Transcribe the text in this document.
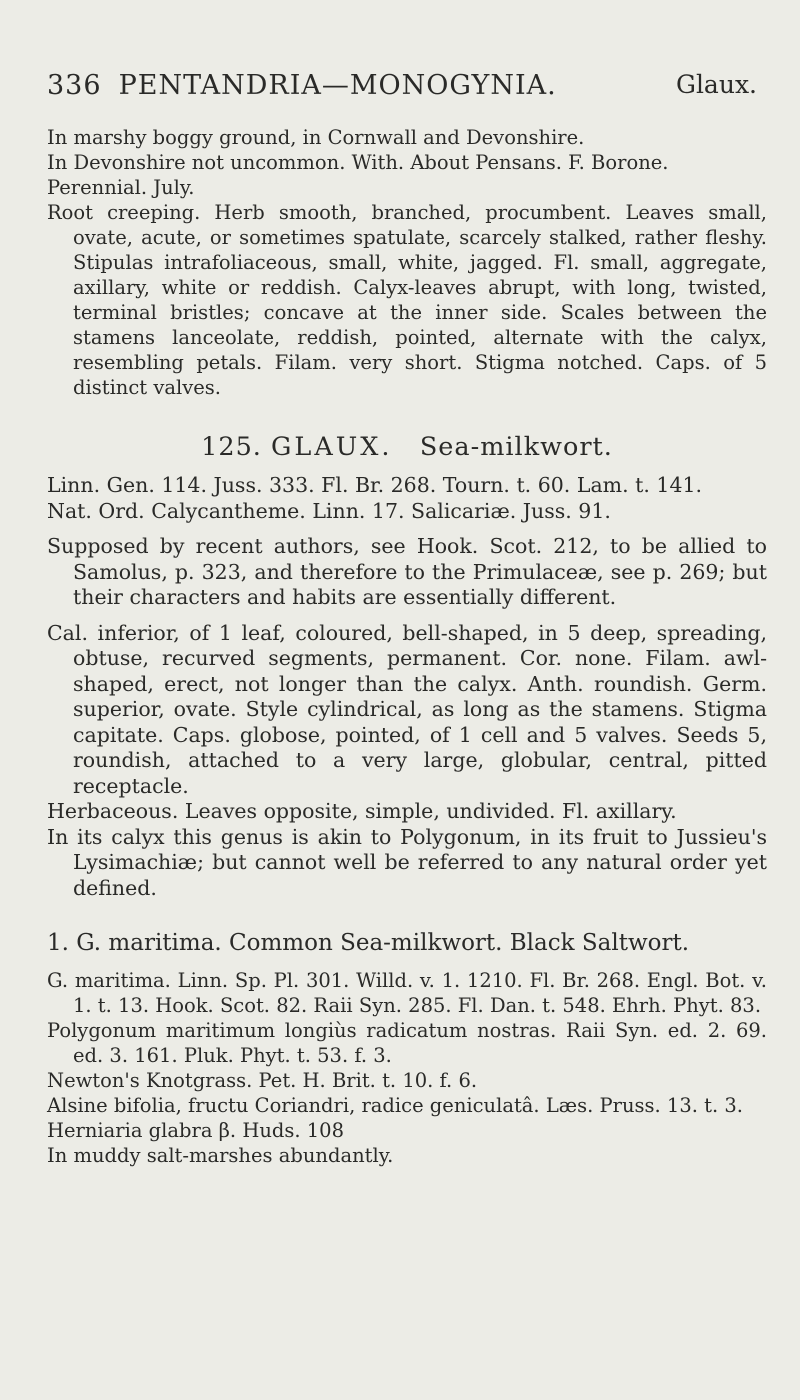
336 PENTANDRIA—MONOGYNIA.	Glaux.

In marshy boggy ground, in Cornwall and Devonshire.

In Devonshire not uncommon. With. About Pensans. F. Borone.

Perennial. July.

Root creeping. Herb smooth, branched, procumbent. Leaves small, ovate, acute, or sometimes spatulate, scarcely stalked, rather fleshy. Stipulas intrafoliaceous, small, white, jagged. Fl. small, aggregate, axillary, white or reddish. Calyx-leaves abrupt, with long, twisted, terminal bristles; concave at the inner side. Scales between the stamens lanceolate, reddish, pointed, alternate with the calyx, resembling petals. Filam. very short. Stigma notched. Caps. of 5 distinct valves.

125. GLAUX. Sea-milkwort.

Linn. Gen. 114. Juss. 333. Fl. Br. 268. Tourn. t. 60. Lam. t. 141.

Nat. Ord. Calycantheme. Linn. 17. Salicariæ. Juss. 91.

Supposed by recent authors, see Hook. Scot. 212, to be allied to Samolus, p. 323, and therefore to the Primulaceæ, see p. 269; but their characters and habits are essentially different.

Cal. inferior, of 1 leaf, coloured, bell-shaped, in 5 deep, spreading, obtuse, recurved segments, permanent. Cor. none. Filam. awl-shaped, erect, not longer than the calyx. Anth. roundish. Germ. superior, ovate. Style cylindrical, as long as the stamens. Stigma capitate. Caps. globose, pointed, of 1 cell and 5 valves. Seeds 5, roundish, attached to a very large, globular, central, pitted receptacle.

Herbaceous. Leaves opposite, simple, undivided. Fl. axillary.

In its calyx this genus is akin to Polygonum, in its fruit to Jussieu's Lysimachiæ; but cannot well be referred to any natural order yet defined.

1. G. maritima. Common Sea-milkwort. Black Saltwort.

G. maritima. Linn. Sp. Pl. 301. Willd. v. 1. 1210. Fl. Br. 268. Engl. Bot. v. 1. t. 13. Hook. Scot. 82. Raii Syn. 285. Fl. Dan. t. 548. Ehrh. Phyt. 83.

Polygonum maritimum longiùs radicatum nostras. Raii Syn. ed. 2. 69. ed. 3. 161. Pluk. Phyt. t. 53. f. 3.

Newton's Knotgrass. Pet. H. Brit. t. 10. f. 6.

Alsine bifolia, fructu Coriandri, radice geniculatâ. Læs. Pruss. 13. t. 3.

Herniaria glabra β. Huds. 108

In muddy salt-marshes abundantly.
